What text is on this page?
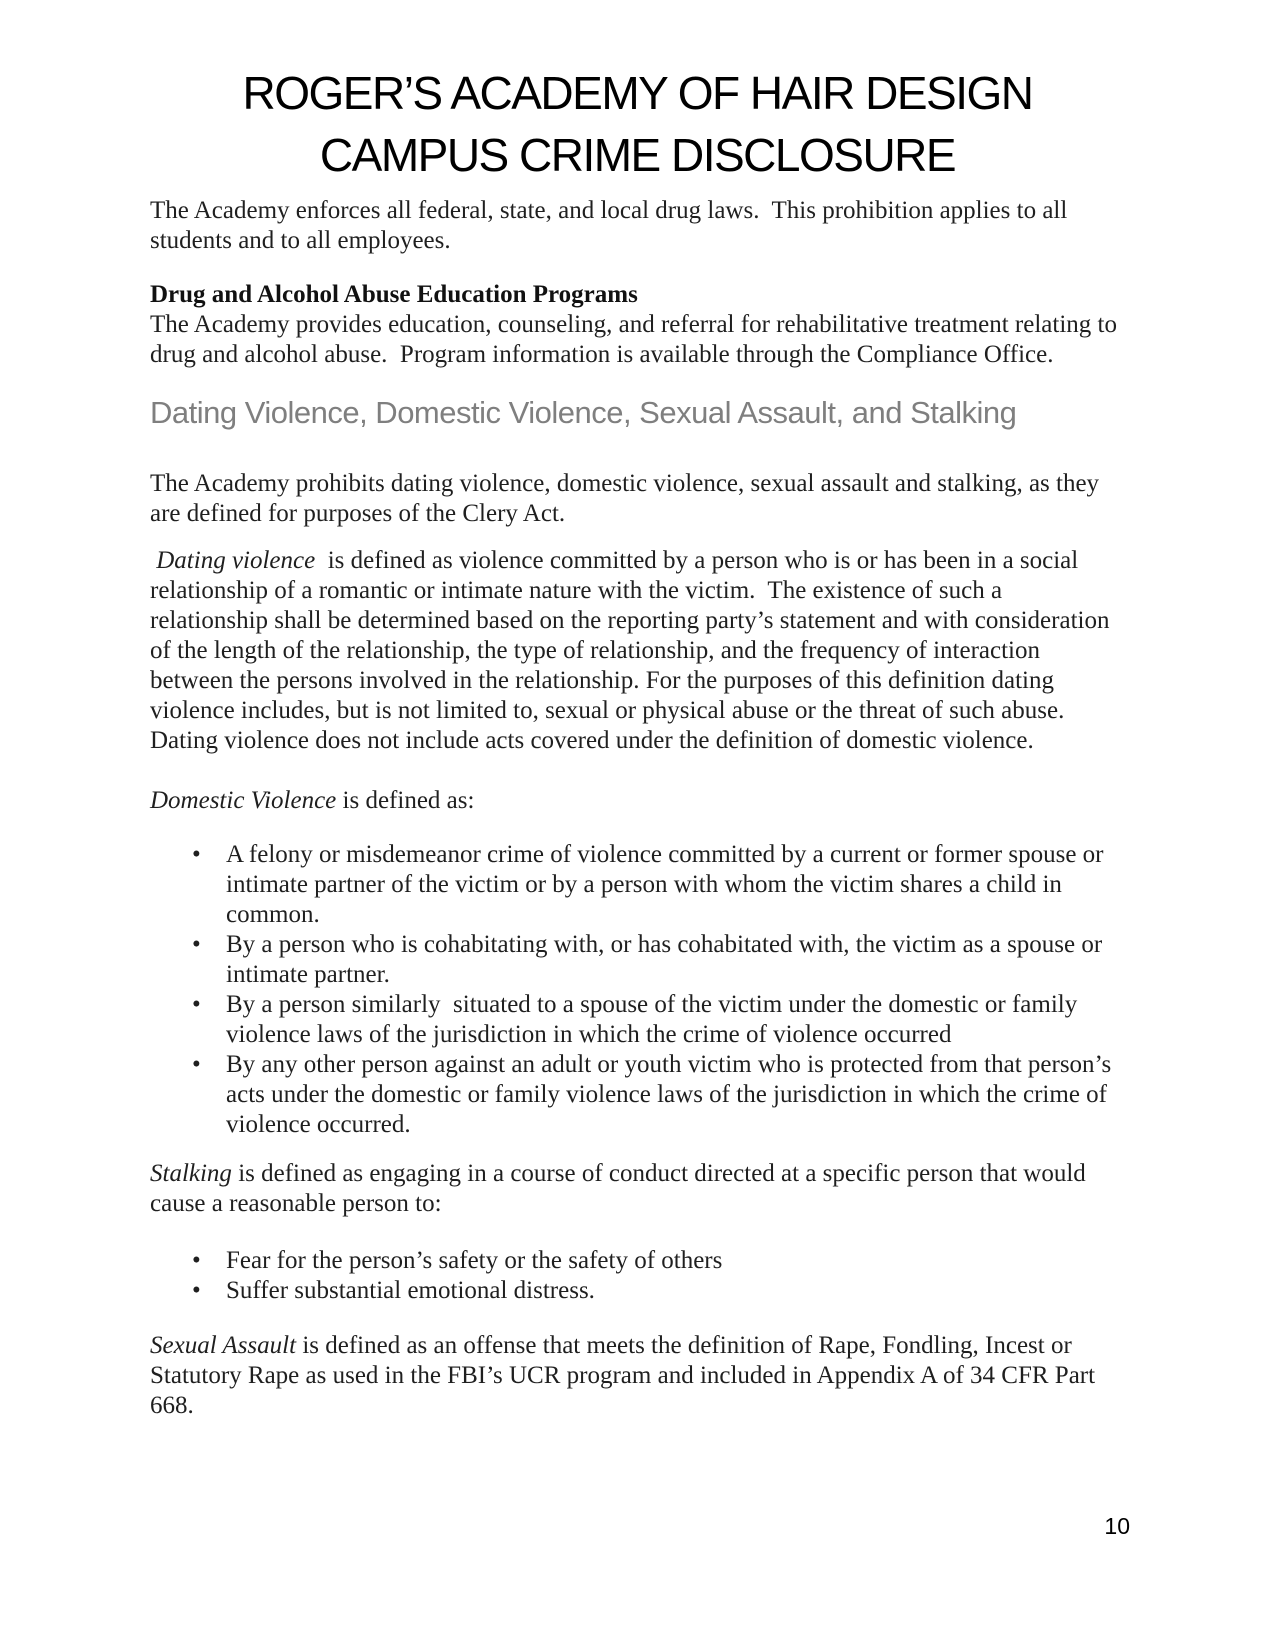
ROGER’S ACADEMY OF HAIR DESIGN
CAMPUS CRIME DISCLOSURE

The Academy enforces all federal, state, and local drug laws.  This prohibition applies to all students and to all employees.

Drug and Alcohol Abuse Education Programs

The Academy provides education, counseling, and referral for rehabilitative treatment relating to drug and alcohol abuse.  Program information is available through the Compliance Office.

Dating Violence, Domestic Violence, Sexual Assault, and Stalking

The Academy prohibits dating violence, domestic violence, sexual assault and stalking, as they are defined for purposes of the Clery Act.

Dating violence  is defined as violence committed by a person who is or has been in a social relationship of a romantic or intimate nature with the victim.  The existence of such a relationship shall be determined based on the reporting party’s statement and with consideration of the length of the relationship, the type of relationship, and the frequency of interaction between the persons involved in the relationship. For the purposes of this definition dating violence includes, but is not limited to, sexual or physical abuse or the threat of such abuse.  Dating violence does not include acts covered under the definition of domestic violence.

Domestic Violence is defined as:

• A felony or misdemeanor crime of violence committed by a current or former spouse or intimate partner of the victim or by a person with whom the victim shares a child in common.
• By a person who is cohabitating with, or has cohabitated with, the victim as a spouse or intimate partner.
• By a person similarly  situated to a spouse of the victim under the domestic or family violence laws of the jurisdiction in which the crime of violence occurred
• By any other person against an adult or youth victim who is protected from that person’s acts under the domestic or family violence laws of the jurisdiction in which the crime of violence occurred.

Stalking is defined as engaging in a course of conduct directed at a specific person that would cause a reasonable person to:

• Fear for the person’s safety or the safety of others
• Suffer substantial emotional distress.

Sexual Assault is defined as an offense that meets the definition of Rape, Fondling, Incest or Statutory Rape as used in the FBI’s UCR program and included in Appendix A of 34 CFR Part 668.

10
